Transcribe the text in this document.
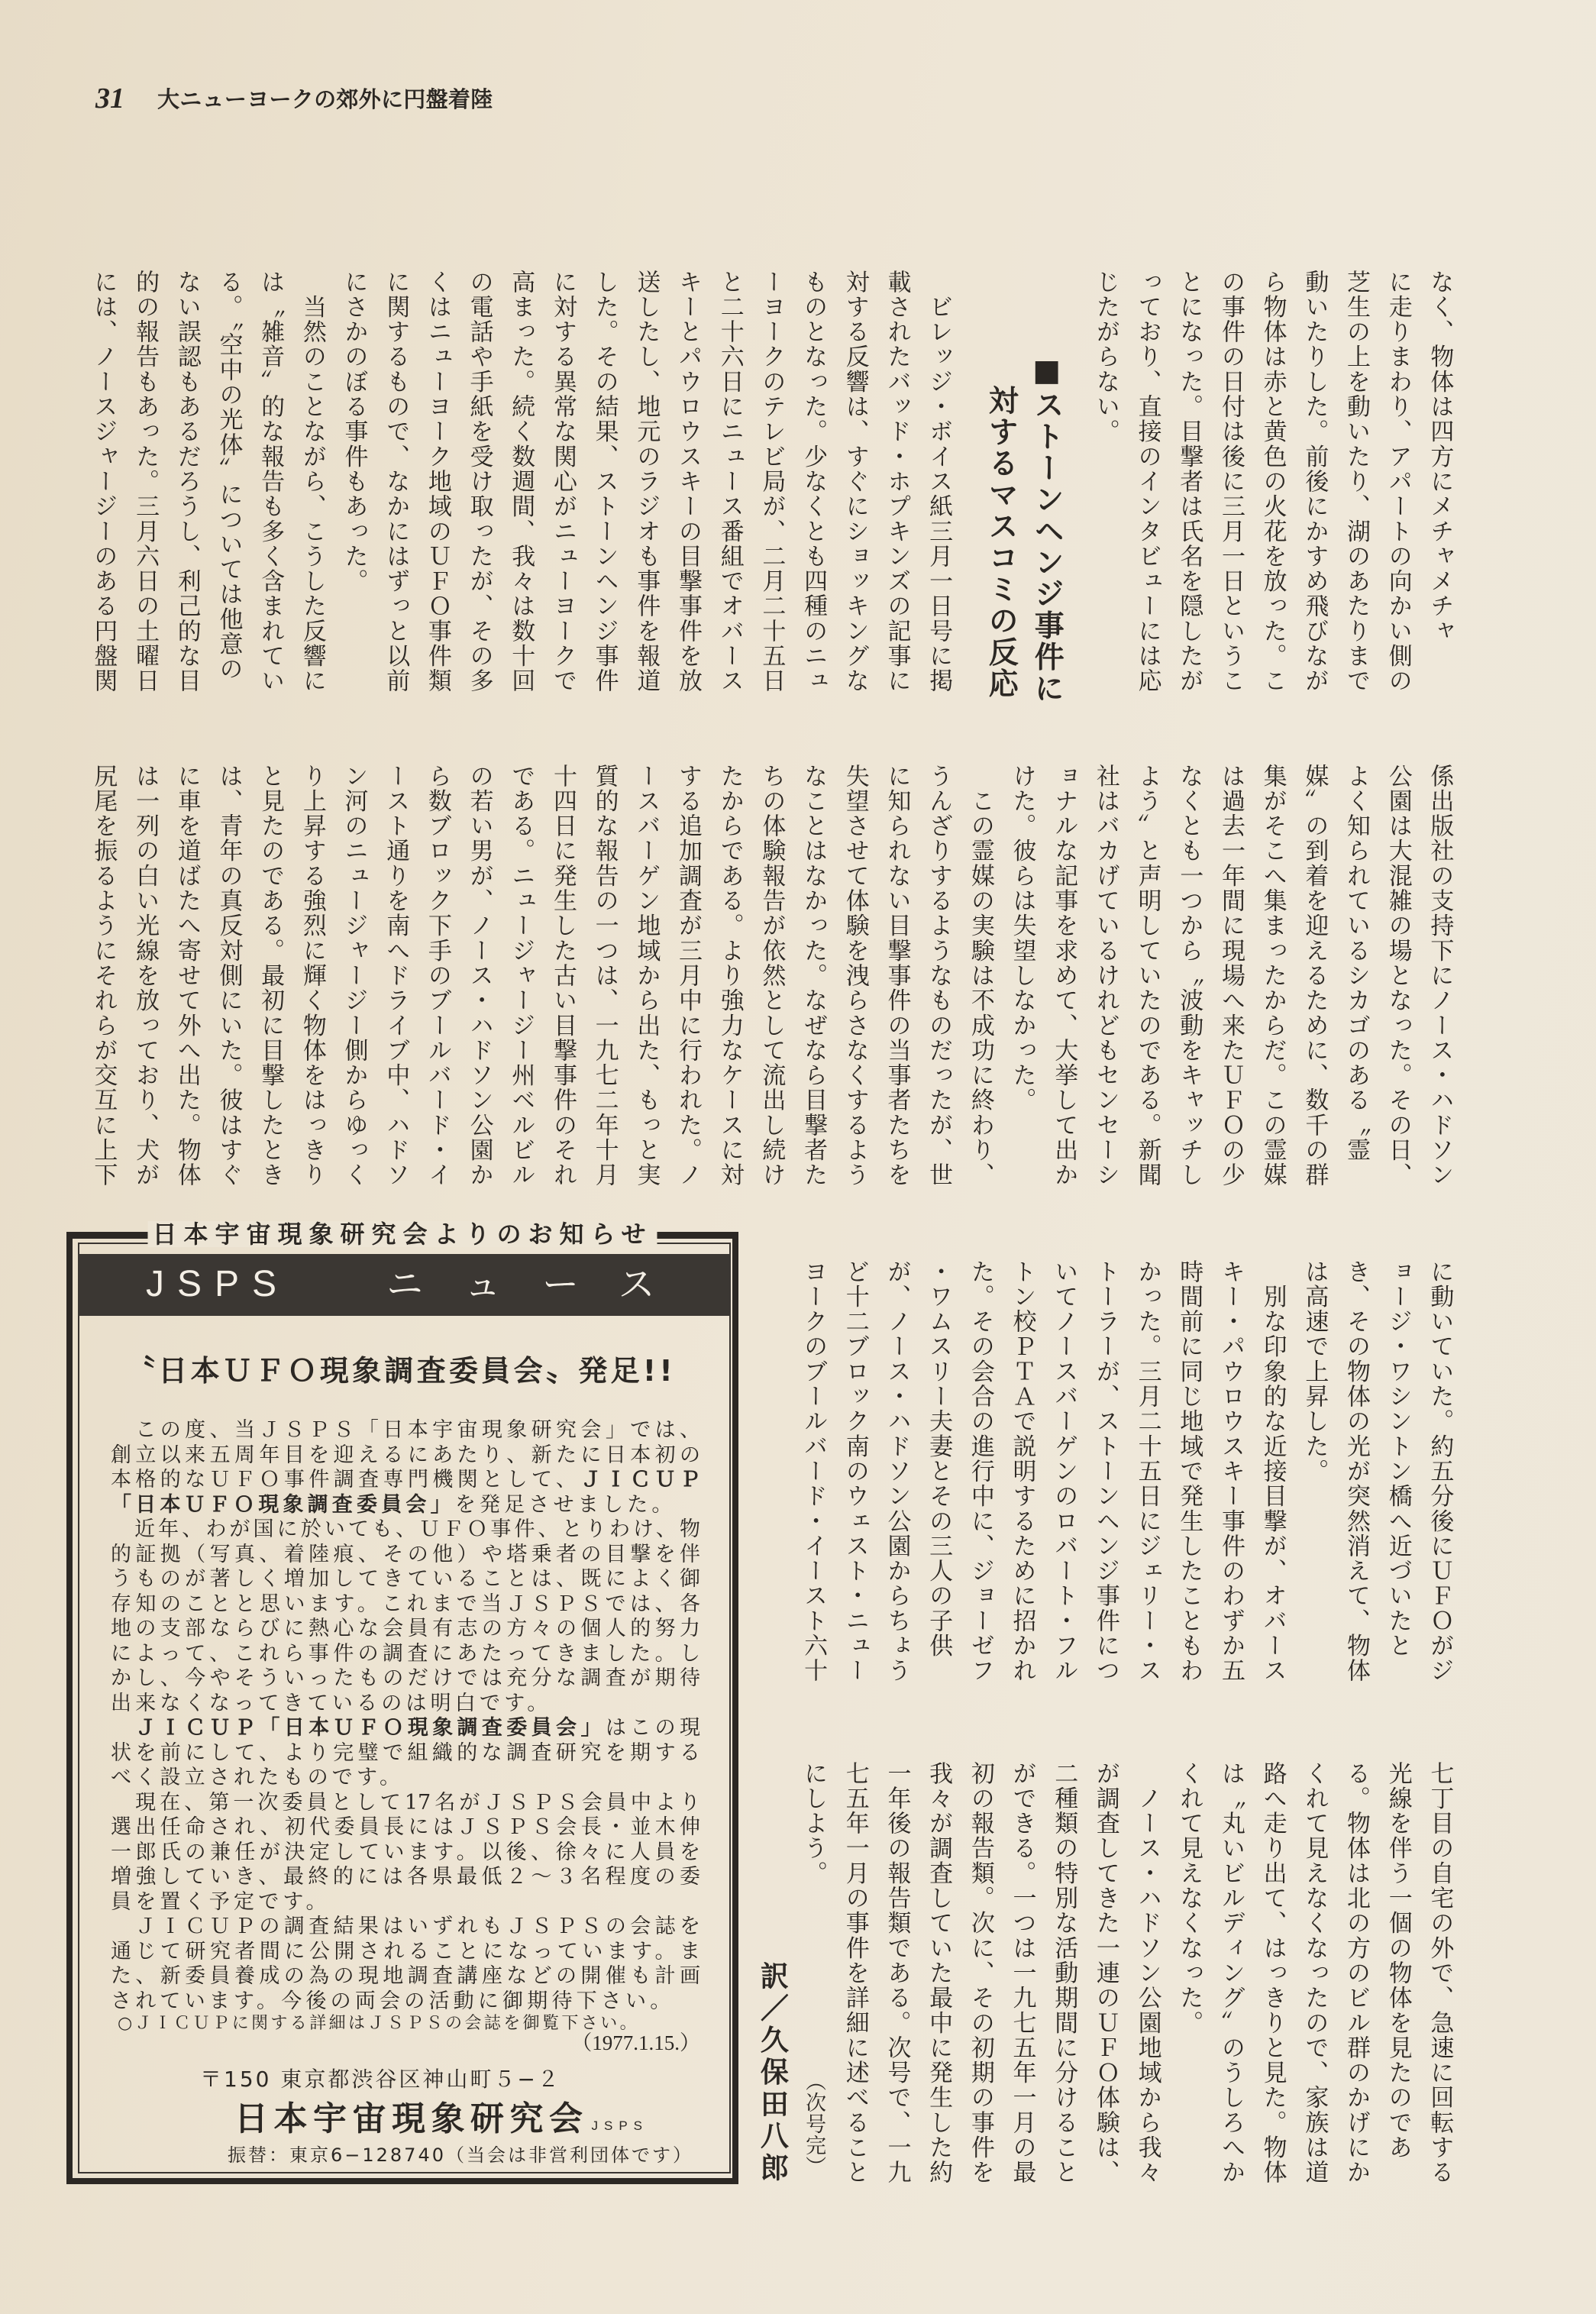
31 大ニューヨークの郊外に円盤着陸
なく、物体は四方にメチャメチャ
に走りまわり、アパートの向かい側の
芝生の上を動いたり、湖のあたりまで
動いたりした。前後にかすめ飛びなが
ら物体は赤と黄色の火花を放った。こ
の事件の日付は後に三月一日というこ
とになった。目撃者は氏名を隠したが
っており、直接のインタビューには応
じたがらない。
■ストーンヘンジ事件に
対するマスコミの反応
　ビレッジ・ボイス紙三月一日号に掲
載されたバッド・ホプキンズの記事に
対する反響は、すぐにショッキングな
ものとなった。少なくとも四種のニュ
ーヨークのテレビ局が、二月二十五日
と二十六日にニュース番組でオバース
キーとパウロウスキーの目撃事件を放
送したし、地元のラジオも事件を報道
した。その結果、ストーンヘンジ事件
に対する異常な関心がニューヨークで
高まった。続く数週間、我々は数十回
の電話や手紙を受け取ったが、その多
くはニューヨーク地域のＵＦＯ事件類
に関するもので、なかにはずっと以前
にさかのぼる事件もあった。
　当然のことながら、こうした反響に
は〝雑音〟的な報告も多く含まれてい
る。〝空中の光体〟については他意の
ない誤認もあるだろうし、利己的な目
的の報告もあった。三月六日の土曜日
には、ノースジャージーのある円盤関
係出版社の支持下にノース・ハドソン
公園は大混雑の場となった。その日、
よく知られているシカゴのある〝霊
媒〟の到着を迎えるために、数千の群
集がそこへ集まったからだ。この霊媒
は過去一年間に現場へ来たＵＦＯの少
なくとも一つから〝波動をキャッチし
よう〟と声明していたのである。新聞
社はバカげているけれどもセンセーシ
ョナルな記事を求めて、大挙して出か
けた。彼らは失望しなかった。
　この霊媒の実験は不成功に終わり、
うんざりするようなものだったが、世
に知られない目撃事件の当事者たちを
失望させて体験を洩らさなくするよう
なことはなかった。なぜなら目撃者た
ちの体験報告が依然として流出し続け
たからである。より強力なケースに対
する追加調査が三月中に行われた。ノ
ースバーゲン地域から出た、もっと実
質的な報告の一つは、一九七二年十月
十四日に発生した古い目撃事件のそれ
である。ニュージャージー州ベルビル
の若い男が、ノース・ハドソン公園か
ら数ブロック下手のブールバード・イ
ースト通りを南へドライブ中、ハドソ
ン河のニュージャージー側からゆっく
り上昇する強烈に輝く物体をはっきり
と見たのである。最初に目撃したとき
は、青年の真反対側にいた。彼はすぐ
に車を道ばたへ寄せて外へ出た。物体
は一列の白い光線を放っており、犬が
尻尾を振るようにそれらが交互に上下
に動いていた。約五分後にＵＦＯがジ
ョージ・ワシントン橋へ近づいたと
き、その物体の光が突然消えて、物体
は高速で上昇した。
　別な印象的な近接目撃が、オバース
キー・パウロウスキー事件のわずか五
時間前に同じ地域で発生したこともわ
かった。三月二十五日にジェリー・ス
トーラーが、ストーンヘンジ事件につ
いてノースバーゲンのロバート・フル
トン校ＰＴＡで説明するために招かれ
た。その会合の進行中に、ジョーゼフ
・ワムスリー夫妻とその三人の子供
が、ノース・ハドソン公園からちょう
ど十二ブロック南のウェスト・ニュー
ヨークのブールバード・イースト六十
七丁目の自宅の外で、急速に回転する
光線を伴う一個の物体を見たのであ
る。物体は北の方のビル群のかげにか
くれて見えなくなったので、家族は道
路へ走り出て、はっきりと見た。物体
は〝丸いビルディング〟のうしろへか
くれて見えなくなった。
　ノース・ハドソン公園地域から我々
が調査してきた一連のＵＦＯ体験は、
二種類の特別な活動期間に分けること
ができる。一つは一九七五年一月の最
初の報告類。次に、その初期の事件を
我々が調査していた最中に発生した約
一年後の報告類である。次号で、一九
七五年一月の事件を詳細に述べること
にしよう。
訳／久保田八郎 （次号完）
日本宇宙現象研究会よりのお知らせ
JSPS	ニュース
〝日本ＵＦＯ現象調査委員会〟発足!!
　この度、当ＪＳＰＳ「日本宇宙現象研究会」では、
創立以来五周年目を迎えるにあたり、新たに日本初の
本格的なＵＦＯ事件調査専門機関として、ＪＩＣＵＰ
「日本ＵＦＯ現象調査委員会」を発足させました。
　近年、わが国に於いても、ＵＦＯ事件、とりわけ、物
的証拠（写真、着陸痕、その他）や塔乗者の目撃を伴
うものが著しく増加してきていることは、既によく御
存知のことと思います。これまで当ＪＳＰＳでは、各
地の支部ならびに熱心な会員有志の方々の個人的努力
によって、これら事件の調査にあたってきました。し
かし、今やそういったものだけでは充分な調査が期待
出来なくなってきているのは明白です。
　ＪＩＣＵＰ「日本ＵＦＯ現象調査委員会」はこの現
状を前にして、より完璧で組織的な調査研究を期する
べく設立されたものです。
　現在、第一次委員として17名がＪＳＰＳ会員中より
選出任命され、初代委員長にはＪＳＰＳ会長・並木伸
一郎氏の兼任が決定しています。以後、徐々に人員を
増強していき、最終的には各県最低２〜３名程度の委
員を置く予定です。
　ＪＩＣＵＰの調査結果はいずれもＪＳＰＳの会誌を
通じて研究者間に公開されることになっています。ま
た、新委員養成の為の現地調査講座などの開催も計画
されています。今後の両会の活動に御期待下さい。
○ＪＩＣＵＰに関する詳細はＪＳＰＳの会誌を御覧下さい。
（1977.1.15.）
〒150 東京都渋谷区神山町５−２
日本宇宙現象研究会 JSPS
振替：東京6−128740（当会は非営利団体です）
